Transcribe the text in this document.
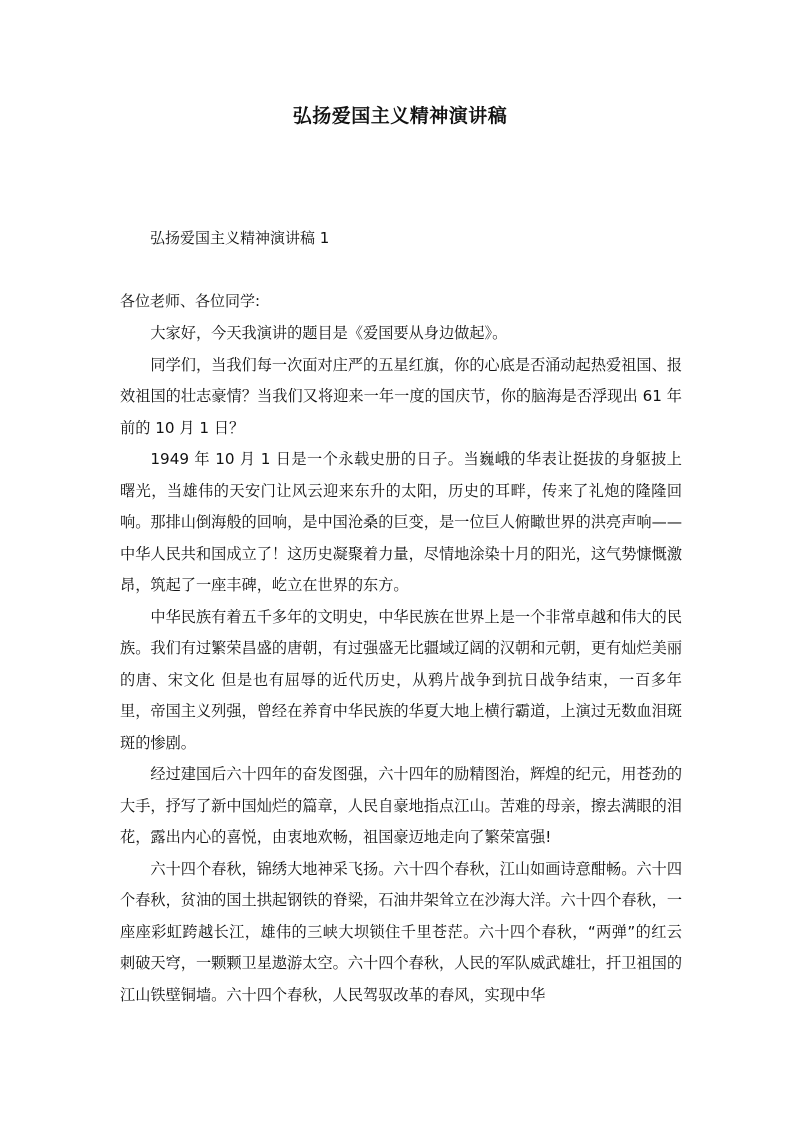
弘扬爱国主义精神演讲稿
弘扬爱国主义精神演讲稿 1
各位老师、各位同学:

大家好，今天我演讲的题目是《爱国要从身边做起》。

同学们，当我们每一次面对庄严的五星红旗，你的心底是否涌动起热爱祖国、报效祖国的壮志豪情？当我们又将迎来一年一度的国庆节，你的脑海是否浮现出 61 年前的 10 月 1 日？

1949 年 10 月 1 日是一个永载史册的日子。当巍峨的华表让挺拔的身躯披上曙光，当雄伟的天安门让风云迎来东升的太阳，历史的耳畔，传来了礼炮的隆隆回响。那排山倒海般的回响，是中国沧桑的巨变，是一位巨人俯瞰世界的洪亮声响——中华人民共和国成立了！这历史凝聚着力量，尽情地涂染十月的阳光，这气势慷慨激昂，筑起了一座丰碑，屹立在世界的东方。

中华民族有着五千多年的文明史，中华民族在世界上是一个非常卓越和伟大的民族。我们有过繁荣昌盛的唐朝，有过强盛无比疆域辽阔的汉朝和元朝，更有灿烂美丽的唐、宋文化 但是也有屈辱的近代历史，从鸦片战争到抗日战争结束，一百多年里，帝国主义列强，曾经在养育中华民族的华夏大地上横行霸道，上演过无数血泪斑斑的惨剧。

经过建国后六十四年的奋发图强，六十四年的励精图治，辉煌的纪元，用苍劲的大手，抒写了新中国灿烂的篇章，人民自豪地指点江山。苦难的母亲，擦去满眼的泪花，露出内心的喜悦，由衷地欢畅，祖国豪迈地走向了繁荣富强!

六十四个春秋，锦绣大地神采飞扬。六十四个春秋，江山如画诗意酣畅。六十四个春秋，贫油的国土拱起钢铁的脊梁，石油井架耸立在沙海大洋。六十四个春秋，一座座彩虹跨越长江，雄伟的三峡大坝锁住千里苍茫。六十四个春秋，“两弹”的红云刺破天穹，一颗颗卫星遨游太空。六十四个春秋，人民的军队威武雄壮，扞卫祖国的江山铁壁铜墙。六十四个春秋，人民驾驭改革的春风，实现中华
